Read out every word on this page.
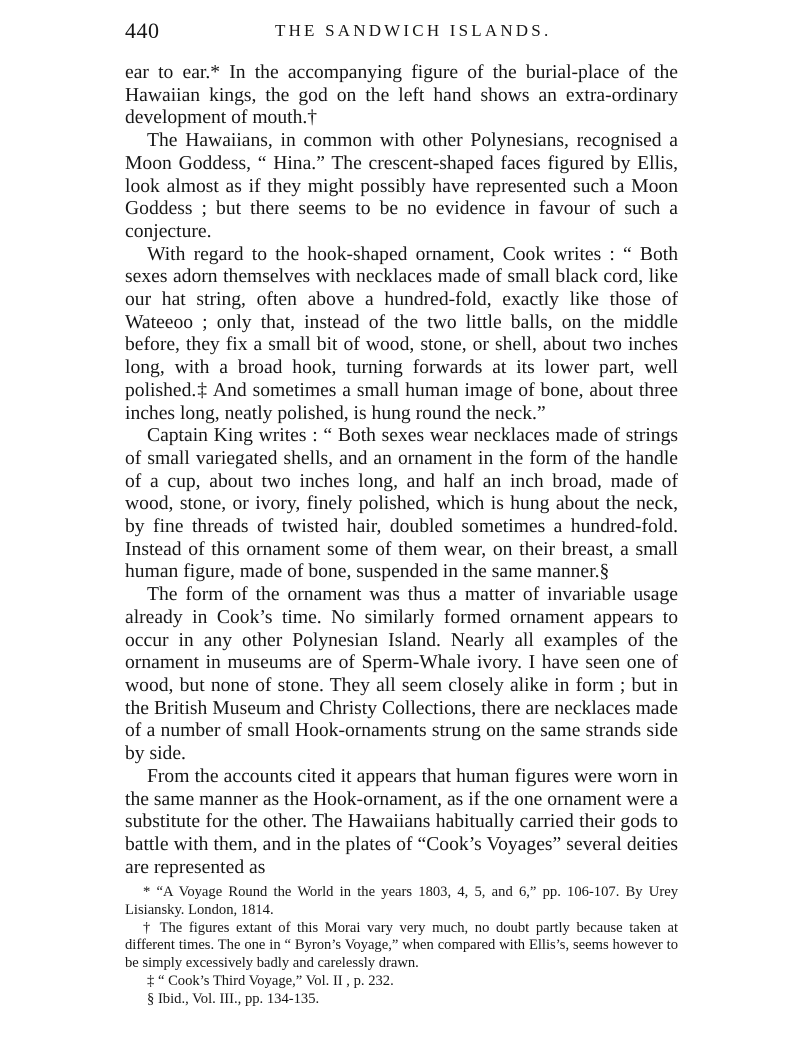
440	THE SANDWICH ISLANDS.

ear to ear.* In the accompanying figure of the burial-place of the Hawaiian kings, the god on the left hand shows an extra-ordinary development of mouth.†

The Hawaiians, in common with other Polynesians, recognised a Moon Goddess, “ Hina.” The crescent-shaped faces figured by Ellis, look almost as if they might possibly have represented such a Moon Goddess ; but there seems to be no evidence in favour of such a conjecture.

With regard to the hook-shaped ornament, Cook writes : “ Both sexes adorn themselves with necklaces made of small black cord, like our hat string, often above a hundred-fold, exactly like those of Wateeoo ; only that, instead of the two little balls, on the middle before, they fix a small bit of wood, stone, or shell, about two inches long, with a broad hook, turning forwards at its lower part, well polished.‡ And sometimes a small human image of bone, about three inches long, neatly polished, is hung round the neck.”

Captain King writes : “ Both sexes wear necklaces made of strings of small variegated shells, and an ornament in the form of the handle of a cup, about two inches long, and half an inch broad, made of wood, stone, or ivory, finely polished, which is hung about the neck, by fine threads of twisted hair, doubled sometimes a hundred-fold. Instead of this ornament some of them wear, on their breast, a small human figure, made of bone, suspended in the same manner.§

The form of the ornament was thus a matter of invariable usage already in Cook’s time. No similarly formed ornament appears to occur in any other Polynesian Island. Nearly all examples of the ornament in museums are of Sperm-Whale ivory. I have seen one of wood, but none of stone. They all seem closely alike in form ; but in the British Museum and Christy Collections, there are necklaces made of a number of small Hook-ornaments strung on the same strands side by side.

From the accounts cited it appears that human figures were worn in the same manner as the Hook-ornament, as if the one ornament were a substitute for the other. The Hawaiians habitually carried their gods to battle with them, and in the plates of “Cook’s Voyages” several deities are represented as

* “A Voyage Round the World in the years 1803, 4, 5, and 6,” pp. 106-107. By Urey Lisiansky. London, 1814.

† The figures extant of this Morai vary very much, no doubt partly because taken at different times. The one in “ Byron’s Voyage,” when compared with Ellis’s, seems however to be simply excessively badly and carelessly drawn.

‡ “ Cook’s Third Voyage,” Vol. II , p. 232.

§ Ibid., Vol. III., pp. 134-135.
